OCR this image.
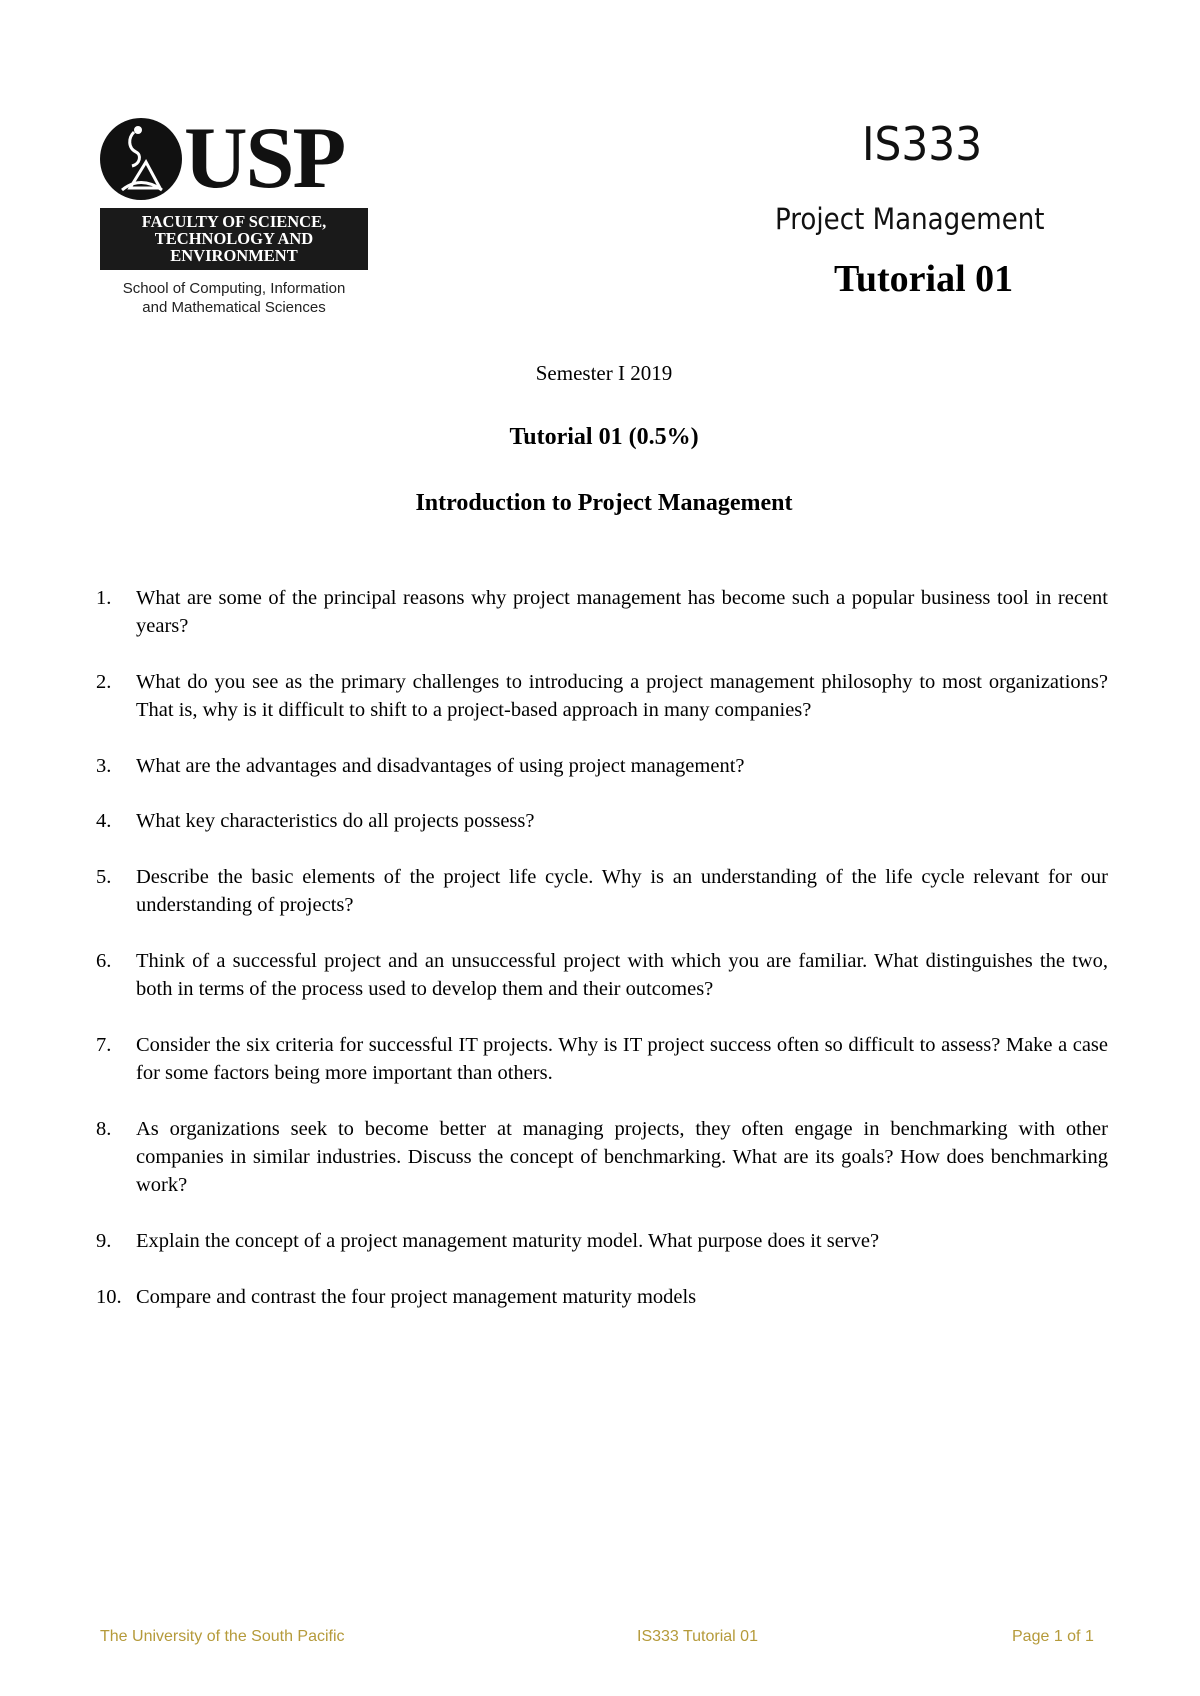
USP
FACULTY OF SCIENCE,
TECHNOLOGY AND
ENVIRONMENT
School of Computing, Information
and Mathematical Sciences
IS333
Project Management
Tutorial 01
Semester I 2019
Tutorial 01 (0.5%)
Introduction to Project Management
1.	What are some of the principal reasons why project management has become such a popular business tool in recent years?
2.	What do you see as the primary challenges to introducing a project management philosophy to most organizations? That is, why is it difficult to shift to a project-based approach in many companies?
3.	What are the advantages and disadvantages of using project management?
4.	What key characteristics do all projects possess?
5.	Describe the basic elements of the project life cycle. Why is an understanding of the life cycle relevant for our understanding of projects?
6.	Think of a successful project and an unsuccessful project with which you are familiar. What distinguishes the two, both in terms of the process used to develop them and their outcomes?
7.	Consider the six criteria for successful IT projects. Why is IT project success often so difficult to assess? Make a case for some factors being more important than others.
8.	As organizations seek to become better at managing projects, they often engage in benchmarking with other companies in similar industries. Discuss the concept of benchmarking. What are its goals? How does benchmarking work?
9.	Explain the concept of a project management maturity model. What purpose does it serve?
10. Compare and contrast the four project management maturity models
The University of the South Pacific	IS333 Tutorial 01	Page 1 of 1
